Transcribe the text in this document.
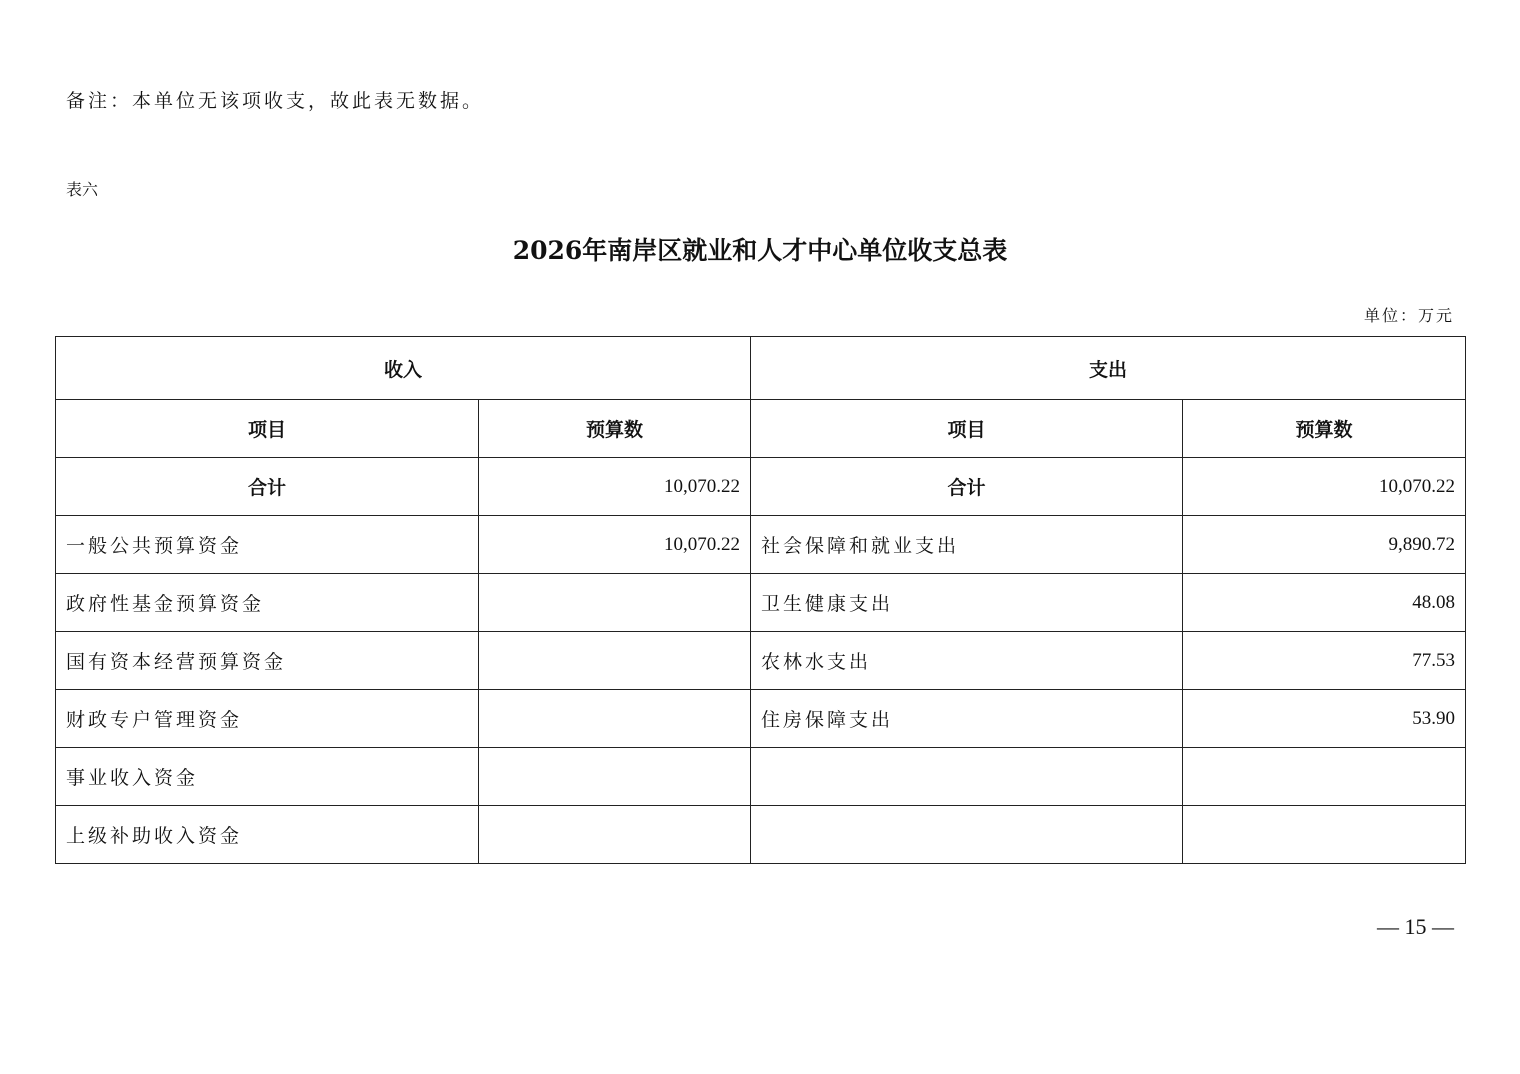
备注：本单位无该项收支，故此表无数据。
表六
2026年南岸区就业和人才中心单位收支总表
单位：万元
收入		支出	
项目	预算数	项目	预算数
合计	10,070.22	合计	10,070.22
一般公共预算资金	10,070.22	社会保障和就业支出	9,890.72
政府性基金预算资金		卫生健康支出	48.08
国有资本经营预算资金		农林水支出	77.53
财政专户管理资金		住房保障支出	53.90
事业收入资金			
上级补助收入资金			
— 15 —
